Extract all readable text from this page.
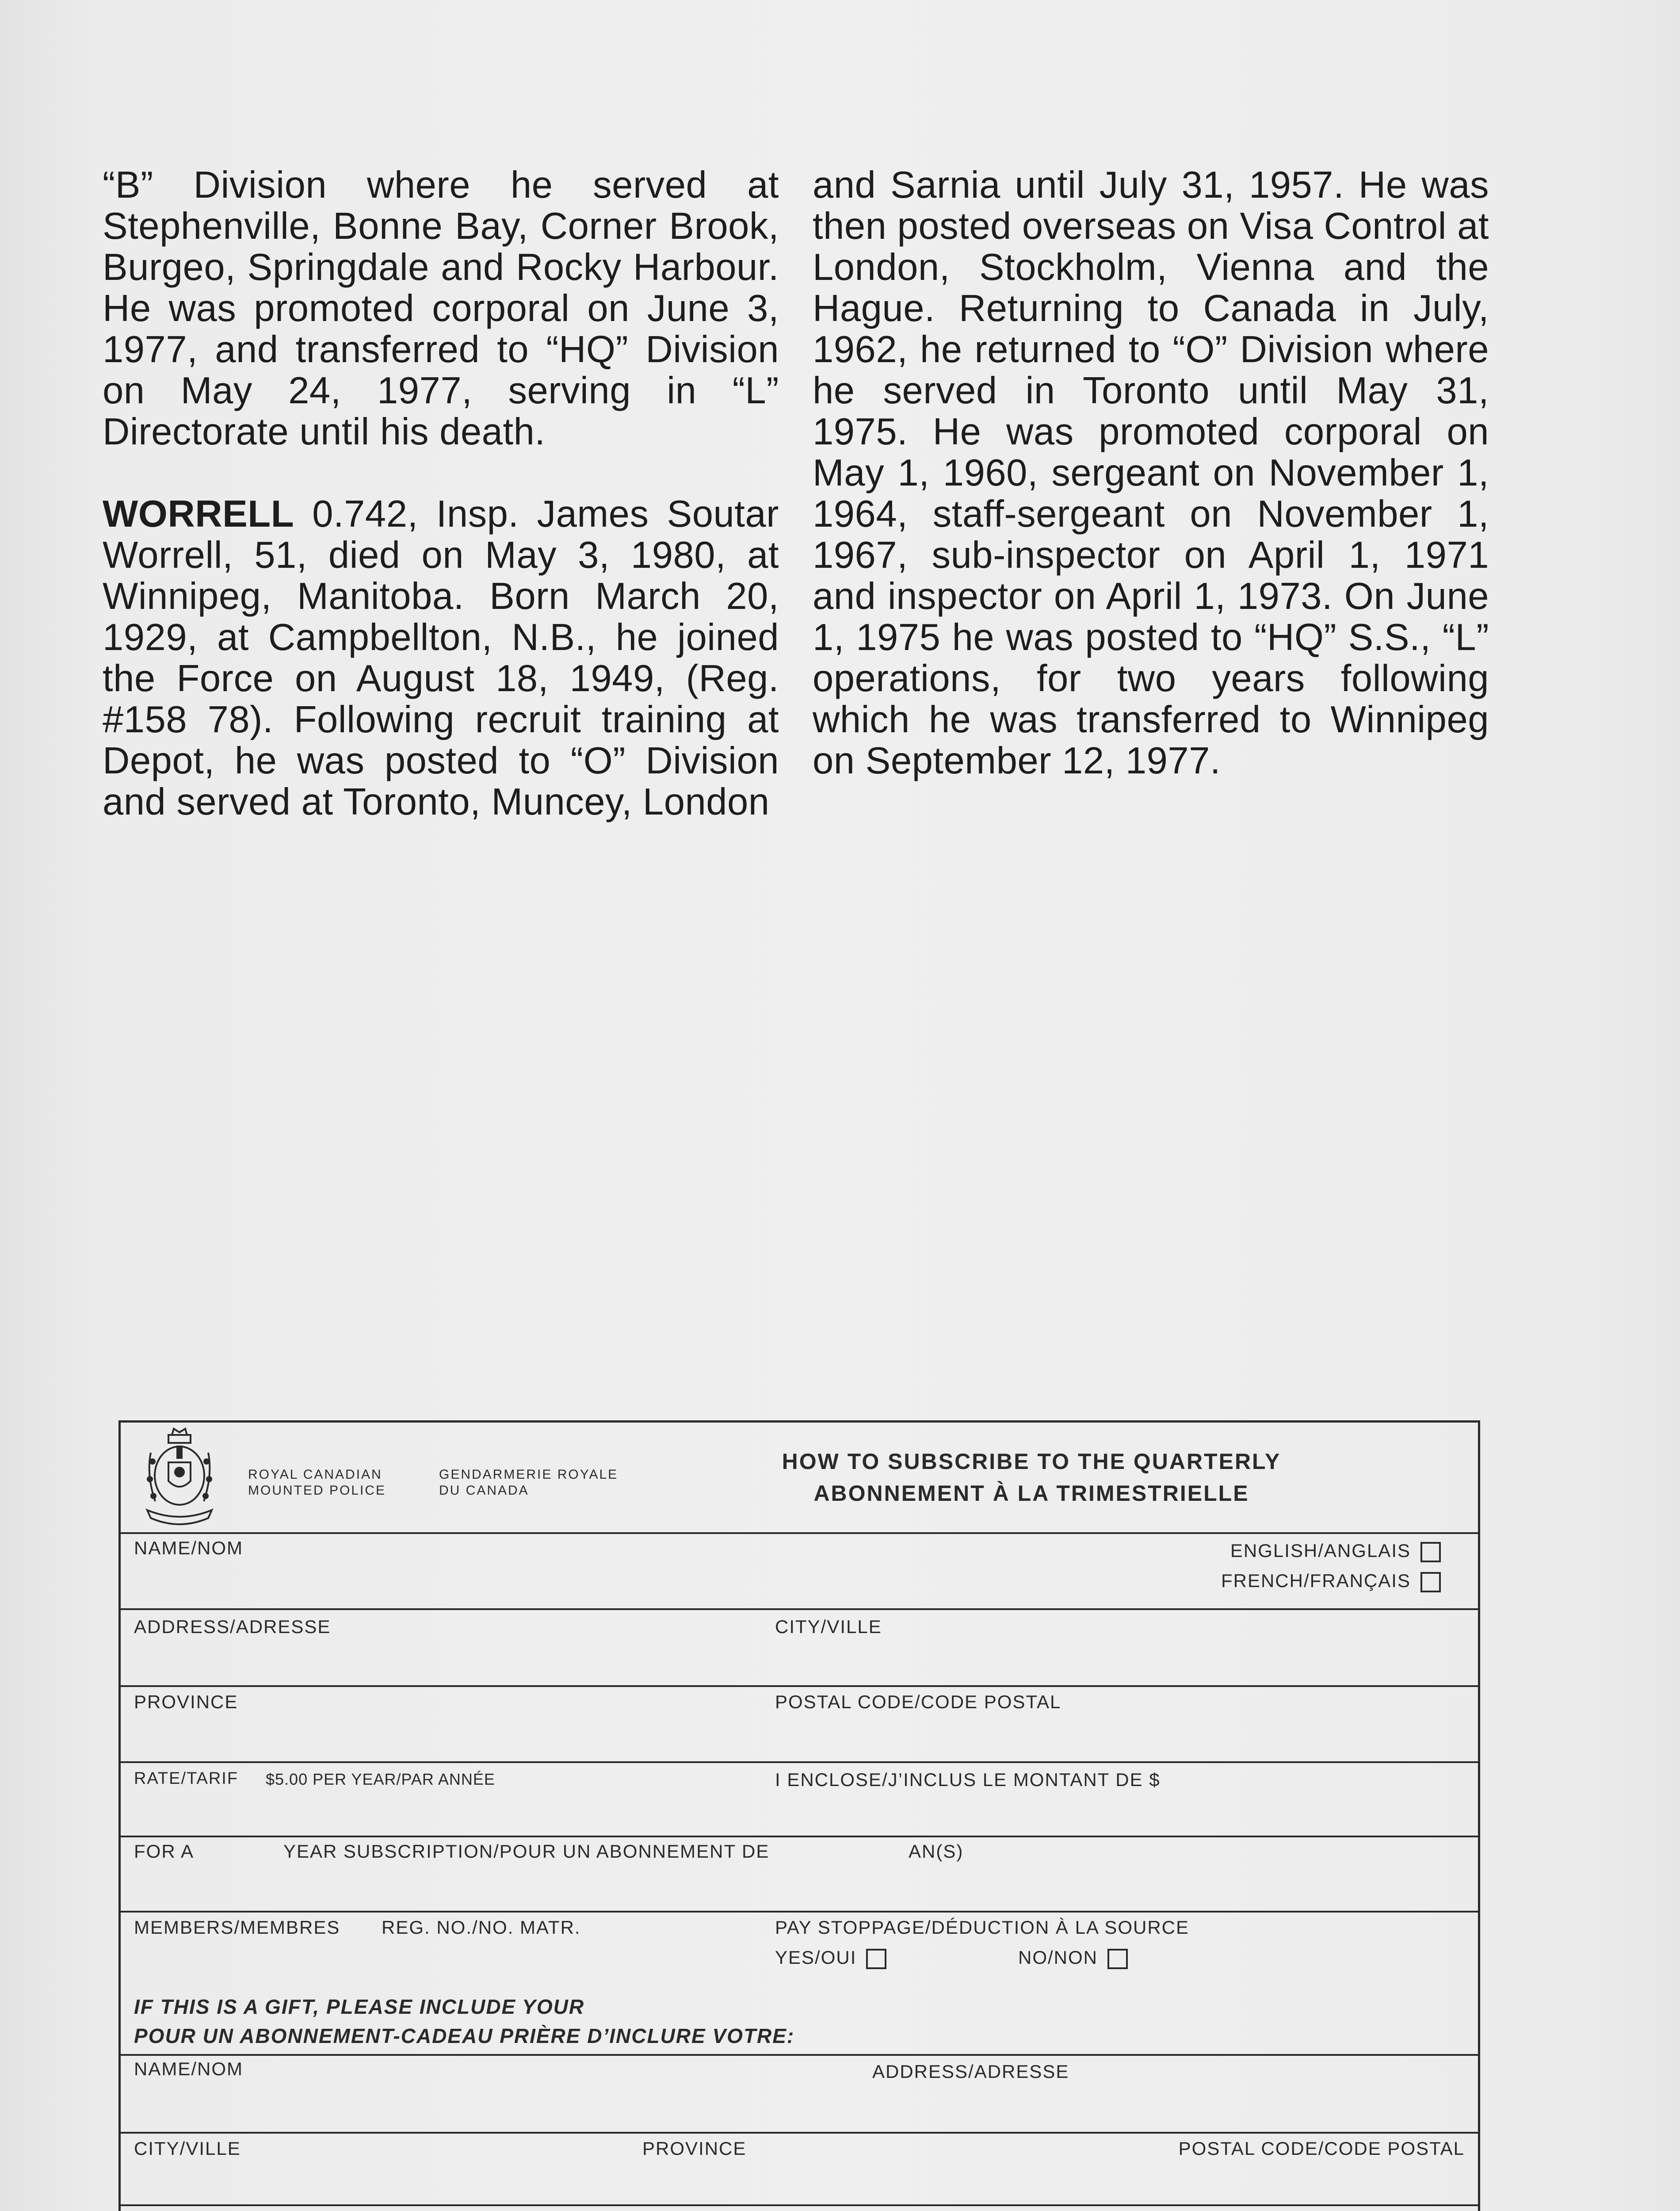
“B” Division where he served at Stephenville, Bonne Bay, Corner Brook, Burgeo, Springdale and Rocky Harbour. He was promoted corporal on June 3, 1977, and transferred to “HQ” Division on May 24, 1977, serving in “L” Directorate until his death.

WORRELL 0.742, Insp. James Soutar Worrell, 51, died on May 3, 1980, at Winnipeg, Manitoba. Born March 20, 1929, at Campbellton, N.B., he joined the Force on August 18, 1949, (Reg. #158 78). Following recruit training at Depot, he was posted to “O” Division and served at Toronto, Muncey, London

and Sarnia until July 31, 1957. He was then posted overseas on Visa Control at London, Stockholm, Vienna and the Hague. Returning to Canada in July, 1962, he returned to “O” Division where he served in Toronto until May 31, 1975. He was promoted corporal on May 1, 1960, sergeant on November 1, 1964, staff-sergeant on November 1, 1967, sub-inspector on April 1, 1971 and inspector on April 1, 1973. On June 1, 1975 he was posted to “HQ” S.S., “L” operations, for two years following which he was transferred to Winnipeg on September 12, 1977.

ROYAL CANADIAN
MOUNTED POLICE
GENDARMERIE ROYALE
DU CANADA
HOW TO SUBSCRIBE TO THE QUARTERLY
ABONNEMENT À LA TRIMESTRIELLE
NAME/NOM	ENGLISH/ANGLAIS
FRENCH/FRANÇAIS
ADDRESS/ADRESSE	CITY/VILLE
PROVINCE	POSTAL CODE/CODE POSTAL
RATE/TARIF $5.00 PER YEAR/PAR ANNÉE	I ENCLOSE/J’INCLUS LE MONTANT DE $
FOR A	YEAR SUBSCRIPTION/POUR UN ABONNEMENT DE	AN(S)
MEMBERS/MEMBRES REG. NO./NO. MATR.	PAY STOPPAGE/DÉDUCTION À LA SOURCE
YES/OUI	NO/NON
IF THIS IS A GIFT, PLEASE INCLUDE YOUR
POUR UN ABONNEMENT-CADEAU PRIÈRE D’INCLURE VOTRE:
NAME/NOM	ADDRESS/ADRESSE
CITY/VILLE	PROVINCE	POSTAL CODE/CODE POSTAL
